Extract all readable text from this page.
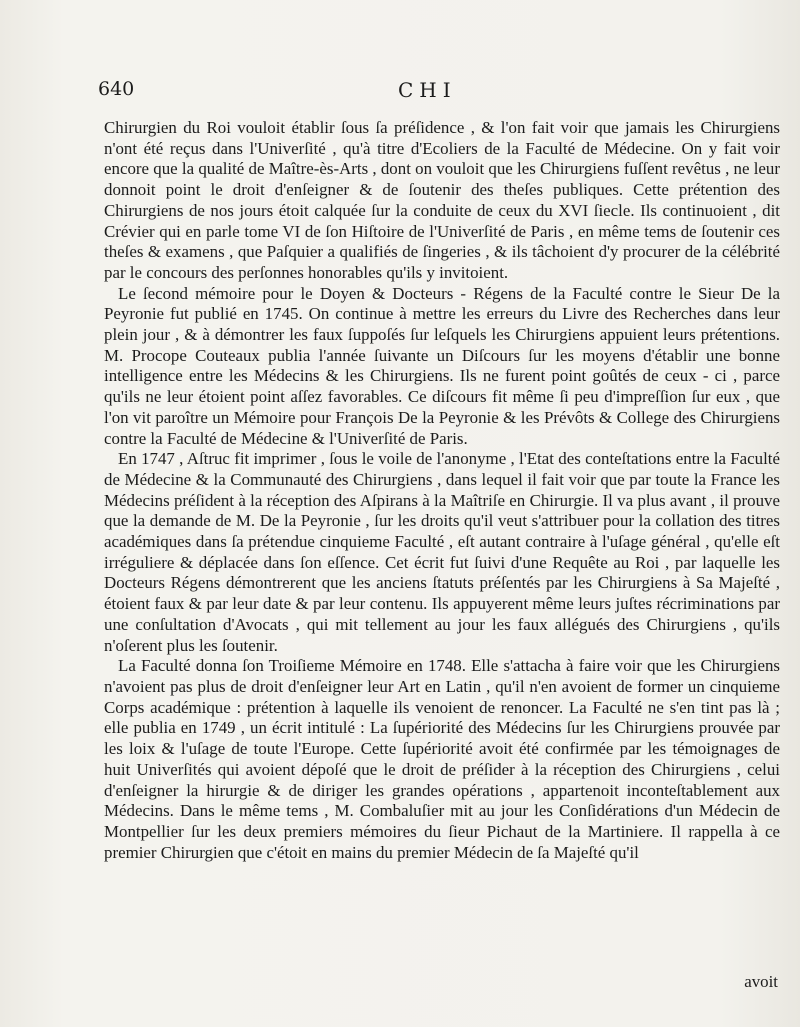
640	CHI

Chirurgien du Roi vouloit établir ſous ſa préſidence , & l'on fait voir que jamais les Chirurgiens n'ont été reçus dans l'Univerſité , qu'à titre d'Ecoliers de la Faculté de Médecine. On y fait voir encore que la qualité de Maître-ès-Arts , dont on vouloit que les Chirurgiens fuſſent revêtus , ne leur donnoit point le droit d'enſeigner & de ſoutenir des theſes publiques. Cette prétention des Chirurgiens de nos jours étoit calquée ſur la conduite de ceux du XVI ſiecle. Ils continuoient , dit Crévier qui en parle tome VI de ſon Hiſtoire de l'Univerſité de Paris , en même tems de ſoutenir ces theſes & examens , que Paſquier a qualifiés de ſingeries , & ils tâchoient d'y procurer de la célébrité par le concours des perſonnes honorables qu'ils y invitoient.

Le ſecond mémoire pour le Doyen & Docteurs - Régens de la Faculté contre le Sieur De la Peyronie fut publié en 1745. On continue à mettre les erreurs du Livre des Recherches dans leur plein jour , & à démontrer les faux ſuppoſés ſur leſquels les Chirurgiens appuient leurs prétentions. M. Procope Couteaux publia l'année ſuivante un Diſcours ſur les moyens d'établir une bonne intelligence entre les Médecins & les Chirurgiens. Ils ne furent point goûtés de ceux - ci , parce qu'ils ne leur étoient point aſſez favorables. Ce diſcours fit même ſi peu d'impreſſion ſur eux , que l'on vit paroître un Mémoire pour François De la Peyronie & les Prévôts & College des Chirurgiens contre la Faculté de Médecine & l'Univerſité de Paris.

En 1747 , Aſtruc fit imprimer , ſous le voile de l'anonyme , l'Etat des conteſtations entre la Faculté de Médecine & la Communauté des Chirurgiens , dans lequel il fait voir que par toute la France les Médecins préſident à la réception des Aſpirans à la Maîtriſe en Chirurgie. Il va plus avant , il prouve que la demande de M. De la Peyronie , ſur les droits qu'il veut s'attribuer pour la collation des titres académiques dans ſa prétendue cinquieme Faculté , eſt autant contraire à l'uſage général , qu'elle eſt irréguliere & déplacée dans ſon eſſence. Cet écrit fut ſuivi d'une Requête au Roi , par laquelle les Docteurs Régens démontrerent que les anciens ſtatuts préſentés par les Chirurgiens à Sa Majeſté , étoient faux & par leur date & par leur contenu. Ils appuyerent même leurs juſtes récriminations par une conſultation d'Avocats , qui mit tellement au jour les faux allégués des Chirurgiens , qu'ils n'oſerent plus les ſoutenir.

La Faculté donna ſon Troiſieme Mémoire en 1748. Elle s'attacha à faire voir que les Chirurgiens n'avoient pas plus de droit d'enſeigner leur Art en Latin , qu'il n'en avoient de former un cinquieme Corps académique : prétention à laquelle ils venoient de renoncer. La Faculté ne s'en tint pas là ; elle publia en 1749 , un écrit intitulé : La ſupériorité des Médecins ſur les Chirurgiens prouvée par les loix & l'uſage de toute l'Europe. Cette ſupériorité avoit été confirmée par les témoignages de huit Univerſités qui avoient dépoſé que le droit de préſider à la réception des Chirurgiens , celui d'enſeigner la hirurgie & de diriger les grandes opérations , appartenoit inconteſtablement aux Médecins. Dans le même tems , M. Combaluſier mit au jour les Conſidérations d'un Médecin de Montpellier ſur les deux premiers mémoires du ſieur Pichaut de la Martiniere. Il rappella à ce premier Chirurgien que c'étoit en mains du premier Médecin de ſa Majeſté qu'il

avoit
